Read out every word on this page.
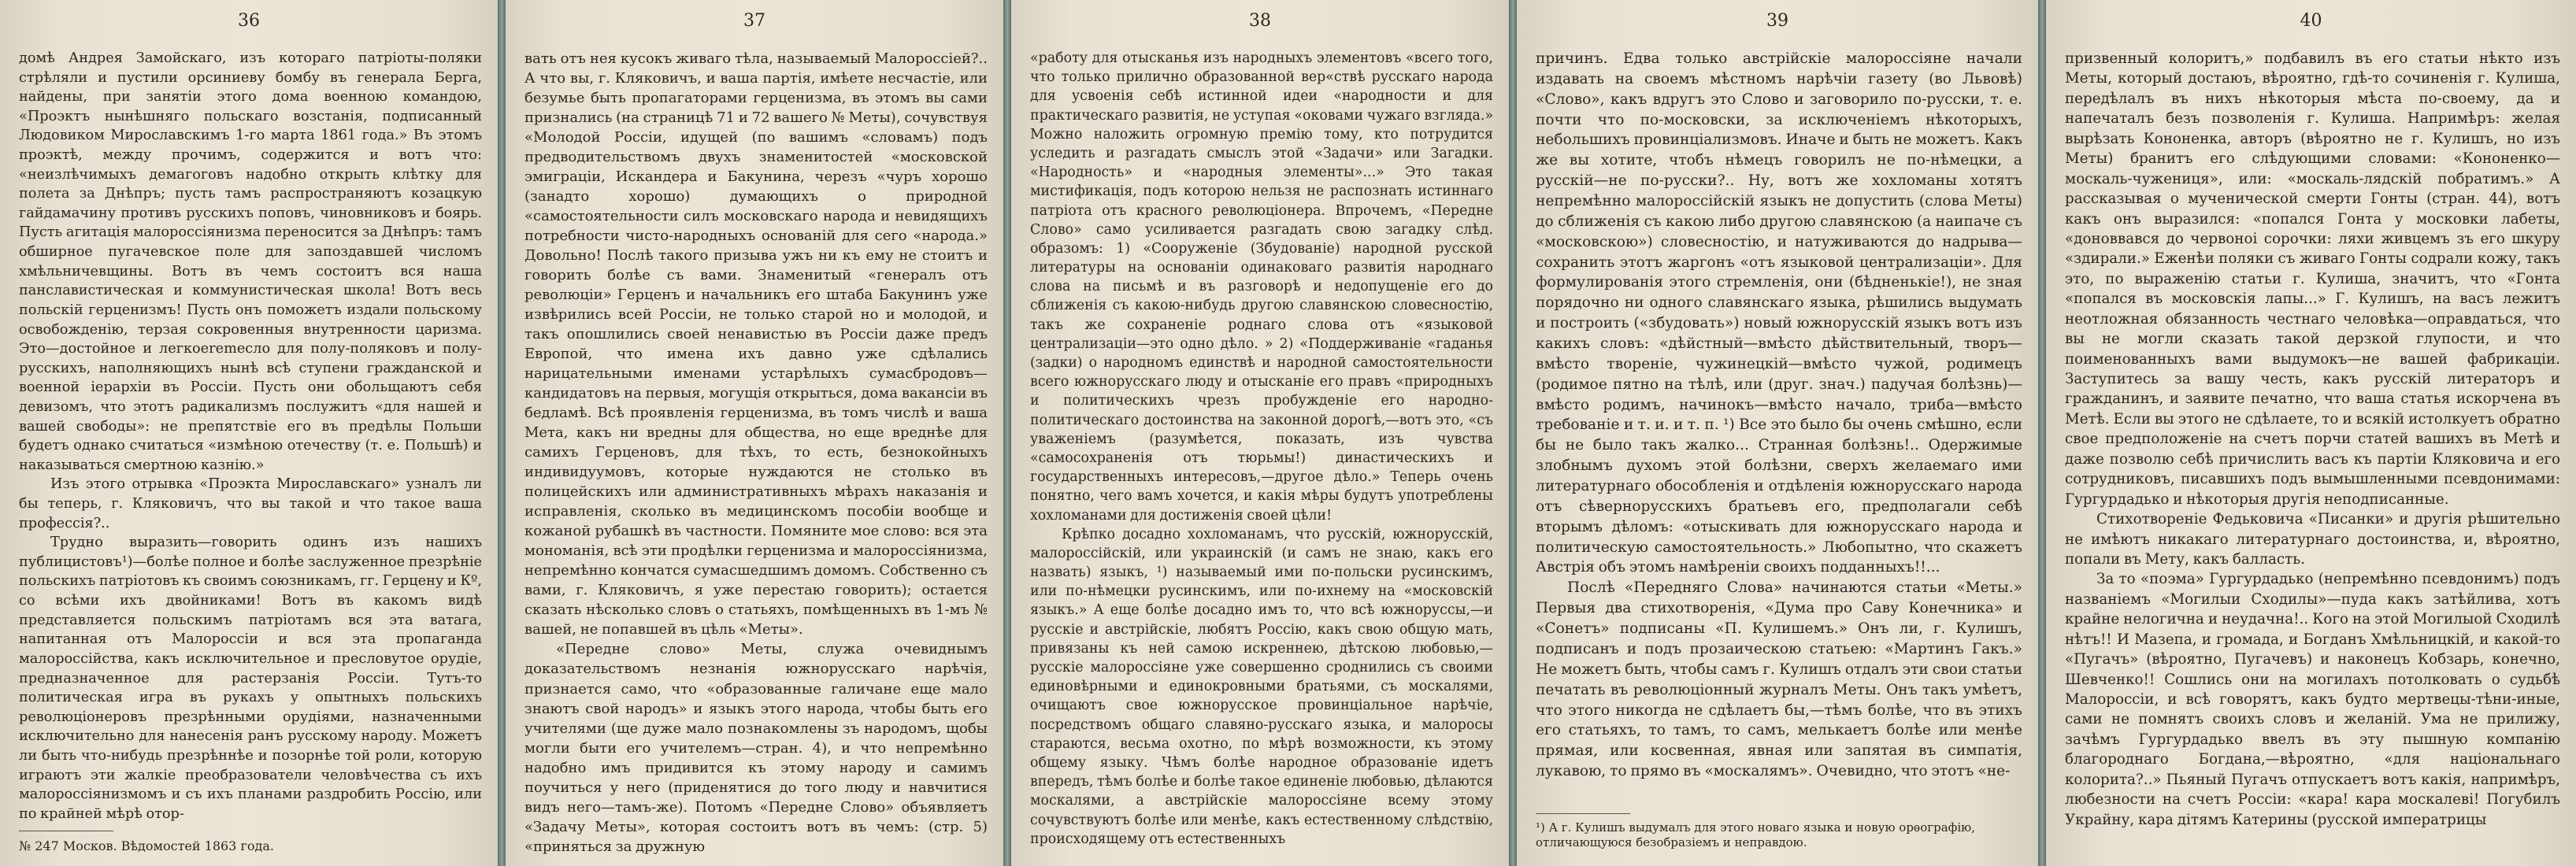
36

домѣ Андрея Замойскаго, изъ котораго патріоты-поляки стрѣляли и пустили орсиниеву бомбу въ генерала Берга, найдены, при занятіи этого дома военною командою, «Проэктъ нынѣшняго польскаго возстанія, подписанный Людовиком Мирославскимъ 1-го марта 1861 года.» Въ этомъ проэктѣ, между прочимъ, содержится и вотъ что: «неизлѣчимыхъ демагоговъ надобно открыть клѣтку для полета за Днѣпръ; пусть тамъ распространяютъ козацкую гайдамачину противъ русскихъ поповъ, чиновниковъ и боярь. Пусть агитація малороссіянизма переносится за Днѣпръ: тамъ обширное пугачевское поле для запоздавшей числомъ хмѣльничевщины. Вотъ въ чемъ состоитъ вся наша панславистическая и коммунистическая школа! Вотъ весь польскій герценизмъ! Пусть онъ поможетъ издали польскому освобожденію, терзая сокровенныя внутренности царизма. Это—достойное и легкоеremесло для полу-поляковъ и полу-русскихъ, наполняющихъ нынѣ всѣ ступени гражданской и военной іерархіи въ Россіи. Пусть они обольщаютъ себя девизомъ, что этотъ радикализмъ послужитъ «для нашей и вашей свободы»: не препятствіе его въ предѣлы Польши будетъ однако считаться «измѣною отечеству (т. е. Польшѣ) и наказываться смертною казнію.»

Изъ этого отрывка «Проэкта Мирославскаго» узналъ ли бы теперь, г. Кляковичъ, что вы такой и что такое ваша профессія?..

Трудно выразить—говорить одинъ изъ нашихъ публицистовъ¹)—болѣе полное и болѣе заслуженное презрѣніе польскихъ патріотовъ къ своимъ союзникамъ, гг. Герцену и Кº, со всѣми ихъ двойниками! Вотъ въ какомъ видѣ представляется польскимъ патріотамъ вся эта ватага, напитанная отъ Малороссіи и вся эта пропаганда малороссійства, какъ исключительное и пресловутое орудіе, предназначенное для растерзанія Россіи. Тутъ-то политическая игра въ рукахъ у опытныхъ польскихъ революціонеровъ презрѣнными орудіями, назначенными исключительно для нанесенія ранъ русскому народу. Можетъ ли быть что-нибудь презрѣннѣе и позорнѣе той роли, которую играютъ эти жалкіе преобразователи человѣчества съ ихъ малороссіянизмомъ и съ ихъ планами раздробить Россію, или по крайней мѣрѣ отор-

№ 247 Москов. Вѣдомостей 1863 года.
37

вать отъ нея кусокъ живаго тѣла, называемый Малороссіей?.. А что вы, г. Кляковичъ, и ваша партія, имѣете несчастіе, или безумье быть пропагаторами герценизма, въ этомъ вы сами признались (на страницѣ 71 и 72 вашего № Меты), сочувствуя «Молодой Россіи, идущей (по вашимъ «словамъ) подъ предводительствомъ двухъ знаменитостей «московской эмиграціи, Искандера и Бакунина, черезъ «чуръ хорошо (занадто хорошо) думающихъ о природной «самостоятельности силъ московскаго народа и невидящихъ потребности чисто-народныхъ основаній для сего «народа.» Довольно! Послѣ такого призыва ужъ ни къ ему не стоитъ и говорить болѣе съ вами. Знаменитый «генералъ отъ революціи» Герценъ и начальникъ его штаба Бакунинъ уже извѣрились всей Россіи, не только старой но и молодой, и такъ опошлились своей ненавистью въ Россіи даже предъ Европой, что имена ихъ давно уже сдѣлались нарицательными именами устарѣлыхъ сумасбродовъ—кандидатовъ на первыя, могущія открыться, дома вакансіи въ бедламѣ. Всѣ проявленія герценизма, въ томъ числѣ и ваша Мета, какъ ни вредны для общества, но еще вреднѣе для самихъ Герценовъ, для тѣхъ, то есть, безнокойныхъ индивидуумовъ, которые нуждаются не столько въ полицейскихъ или административныхъ мѣрахъ наказанія и исправленія, сколько въ медицинскомъ пособіи вообще и кожаной рубашкѣ въ частности. Помяните мое слово: вся эта мономанія, всѣ эти продѣлки герценизма и малороссіянизма, непремѣнно кончатся сумасшедшимъ домомъ. Собственно съ вами, г. Кляковичъ, я уже перестаю говорить); остается сказать нѣсколько словъ о статьяхъ, помѣщенныхъ въ 1-мъ № вашей, не попавшей въ цѣль «Меты».

«Передне слово» Меты, служа очевиднымъ доказательствомъ незнанія южнорусскаго нарѣчія, признается само, что «образованные галичане еще мало знаютъ свой народъ» и языкъ этого народа, чтобы быть его учителями (ще дуже мало познакомлены зъ народомъ, щобы могли быти его учителемъ—стран. 4), и что непремѣнно надобно имъ придивится къ этому народу и самимъ поучиться у него (приденятися до того люду и навчитися видъ него—тамъ-же). Потомъ «Передне Слово» объявляетъ «Задачу Меты», которая состоитъ вотъ въ чемъ: (стр. 5) «приняться за дружную

38

«работу для отысканья изъ народныхъ элементовъ «всего того, что только прилично образованной вер«ствѣ русскаго народа для усвоенія себѣ истинной идеи «народности и для практическаго развитія, не уступая «оковами чужаго взгляда.» Можно наложить огромную премію тому, кто потрудится уследить и разгадать смыслъ этой «Задачи» или Загадки. «Народность» и «народныя элементы»...» Это такая мистификація, подъ которою нельзя не распознать истиннаго патріота отъ красного революціонера. Впрочемъ, «Передне Слово» само усиливается разгадать свою загадку слѣд. образомъ: 1) «Сооруженіе (Збудованіе) народной русской литературы на основаніи одинаковаго развитія народнаго слова на письмѣ и въ разговорѣ и недопущеніе его до сближенія съ какою-нибудь другою славянскою словесностію, такъ же сохраненіе роднаго слова отъ «языковой централизаціи—это одно дѣло. » 2) «Поддерживаніе «гаданья (задки) о народномъ единствѣ и народной самостоятельности всего южнорусскаго люду и отысканіе его правъ «природныхъ и политическихъ чрезъ пробужденіе его народно-политическаго достоинства на законной дорогѣ,—вотъ это, «съ уваженіемъ (разумѣется, показать, изъ чувства «самосохраненія отъ тюрьмы!) династическихъ и государственныхъ интересовъ,—другое дѣло.» Теперь очень понятно, чего вамъ хочется, и какія мѣры будутъ употреблены хохломанами для достиженія своей цѣли!

Крѣпко досадно хохломанамъ, что русскій, южнорусскій, малороссійскій, или украинскій (и самъ не знаю, какъ его назвать) языкъ, ¹) называемый ими по-польски русинскимъ, или по-нѣмецки русинскимъ, или по-ихнему на «московскій языкъ.» А еще болѣе досадно имъ то, что всѣ южноруссы,—и русскіе и австрійскіе, любятъ Россію, какъ свою общую мать, привязаны къ ней самою искреннею, дѣтскою любовью,—русскіе малороссіяне уже совершенно сроднились съ своими единовѣрными и единокровными братьями, съ москалями, очищаютъ свое южнорусское провинціальное нарѣчіе, посредствомъ общаго славяно-русскаго языка, и малоросы стараются, весьма охотно, по мѣрѣ возможности, къ этому общему языку. Чѣмъ болѣе народное образованіе идетъ впередъ, тѣмъ болѣе и болѣе такое единеніе любовью, дѣлаются москалями, а австрійскіе малороссіяне всему этому сочувствуютъ болѣе или менѣе, какъ естественному слѣдствію, происходящему отъ естественныхъ

39

причинъ. Едва только австрійскіе малороссіяне начали издавать на своемъ мѣстномъ нарѣчіи газету (во Львовѣ) «Слово», какъ вдругъ это Слово и заговорило по-русски, т. е. почти что по-московски, за исключеніемъ нѣкоторыхъ, небольшихъ провинціализмовъ. Иначе и быть не можетъ. Какъ же вы хотите, чтобъ нѣмецъ говорилъ не по-нѣмецки, а русскій—не по-русски?.. Ну, вотъ же хохломаны хотятъ непремѣнно малороссійскій языкъ не допустить (слова Меты) до сближенія съ какою либо другою славянскою (а наипаче съ «московскою») словесностію, и натуживаются до надрыва—сохранить этотъ жаргонъ «отъ языковой централизаціи». Для формулированія этого стремленія, они (бѣдненькіе!), не зная порядочно ни одного славянскаго языка, рѣшились выдумать и построить («збудовать») новый южнорусскій языкъ вотъ изъ какихъ словъ: «дѣйстный—вмѣсто дѣйствительный, творъ—вмѣсто твореніе, чужинецкій—вмѣсто чужой, родимецъ (родимое пятно на тѣлѣ, или (друг. знач.) падучая болѣзнь)—вмѣсто родимъ, начинокъ—вмѣсто начало, триба—вмѣсто требованіе и т. и. и т. п. ¹) Все это было бы очень смѣшно, если бы не было такъ жалко... Странная болѣзнь!.. Одержимые злобнымъ духомъ этой болѣзни, сверхъ желаемаго ими литературнаго обособленія и отдѣленія южнорусскаго народа отъ сѣвернорусскихъ братьевъ его, предполагали себѣ вторымъ дѣломъ: «отыскивать для южнорусскаго народа и политическую самостоятельность.» Любопытно, что скажетъ Австрія объ этомъ намѣреніи своихъ подданныхъ!!...

Послѣ «Передняго Слова» начинаются статьи «Меты.» Первыя два стихотворенія, «Дума про Саву Конечника» и «Сонетъ» подписаны «П. Кулишемъ.» Онъ ли, г. Кулишъ, подписанъ и подъ прозаическою статьею: «Мартинъ Гакъ.» Не можетъ быть, чтобы самъ г. Кулишъ отдалъ эти свои статьи печатать въ революціонный журналъ Меты. Онъ такъ умѣетъ, что этого никогда не сдѣлаетъ бы,—тѣмъ болѣе, что въ этихъ его статьяхъ, то тамъ, то самъ, мелькаетъ болѣе или менѣе прямая, или косвенная, явная или запятая въ симпатія, лукавою, то прямо въ «москалямъ». Очевидно, что этотъ «не-

¹) А г. Кулишъ выдумалъ для этого новаго языка и новую орѳографію, отличающуюся безобразіемъ и неправдою.
40

призвенный колоритъ,» подбавилъ въ его статьи нѣкто изъ Меты, который достаюъ, вѣроятно, гдѣ-то сочиненія г. Кулиша, передѣлалъ въ нихъ нѣкоторыя мѣста по-своему, да и напечаталъ безъ позволенія г. Кулиша. Напримѣръ: желая вырѣзать Кононенка, авторъ (вѣроятно не г. Кулишъ, но изъ Меты) бранитъ его слѣдующими словами: «Кононенко—москаль-чужениця», или: «москаль-лядскій побратимъ.» А рассказывая о мученической смерти Гонты (стран. 44), вотъ какъ онъ выразился: «попался Гонта у московки лабеты, «доноввався до червоноі сорочки: ляхи живцемъ зъ его шкуру «здирали.» Еженѣи поляки съ живаго Гонты содрали кожу, такъ это, по выраженію статьи г. Кулиша, значитъ, что «Гонта «попался въ московскія лапы...» Г. Кулишъ, на васъ лежитъ неотложная обязанность честнаго человѣка—оправдаться, что вы не могли сказать такой дерзкой глупости, и что поименованныхъ вами выдумокъ—не вашей фабрикаціи. Заступитесь за вашу честь, какъ русскій литераторъ и гражданинъ, и заявите печатно, что ваша статья искорчена въ Метѣ. Если вы этого не сдѣлаете, то и всякій истолкуетъ обратно свое предположеніе на счетъ порчи статей вашихъ въ Метѣ и даже позволю себѣ причислить васъ къ партіи Кляковича и его сотрудниковъ, писавшихъ подъ вымышленными псевдонимами: Гургурдадько и нѣкоторыя другія неподписанные.

Стихотвореніе Федьковича «Писанки» и другія рѣшительно не имѣютъ никакаго литературнаго достоинства, и, вѣроятно, попали въ Мету, какъ балласть.

За то «поэма» Гургурдадько (непремѣнно псевдонимъ) подъ названіемъ «Могилыи Сходилы»—пуда какъ затѣйлива, хотъ крайне нелогична и неудачна!.. Кого на этой Могилыой Сходилѣ нѣтъ!! И Мазепа, и громада, и Богданъ Хмѣльницкій, и какой-то «Пугачъ» (вѣроятно, Пугачевъ) и наконецъ Кобзарь, конечно, Шевченко!! Сошлись они на могилахъ потолковать о судьбѣ Малороссіи, и всѣ говорятъ, какъ будто мертвецы-тѣни-иные, сами не помнятъ своихъ словъ и желаній. Ума не прилижу, зачѣмъ Гургурдадько ввелъ въ эту пышную компанію благороднаго Богдана,—вѣроятно, «для національнаго колорита?..» Пьяный Пугачъ отпускаетъ вотъ какія, напримѣръ, любезности на счетъ Россіи: «кара! кара москалеві! Погубилъ Украйну, кара дітямъ Катерины (русской императрицы
